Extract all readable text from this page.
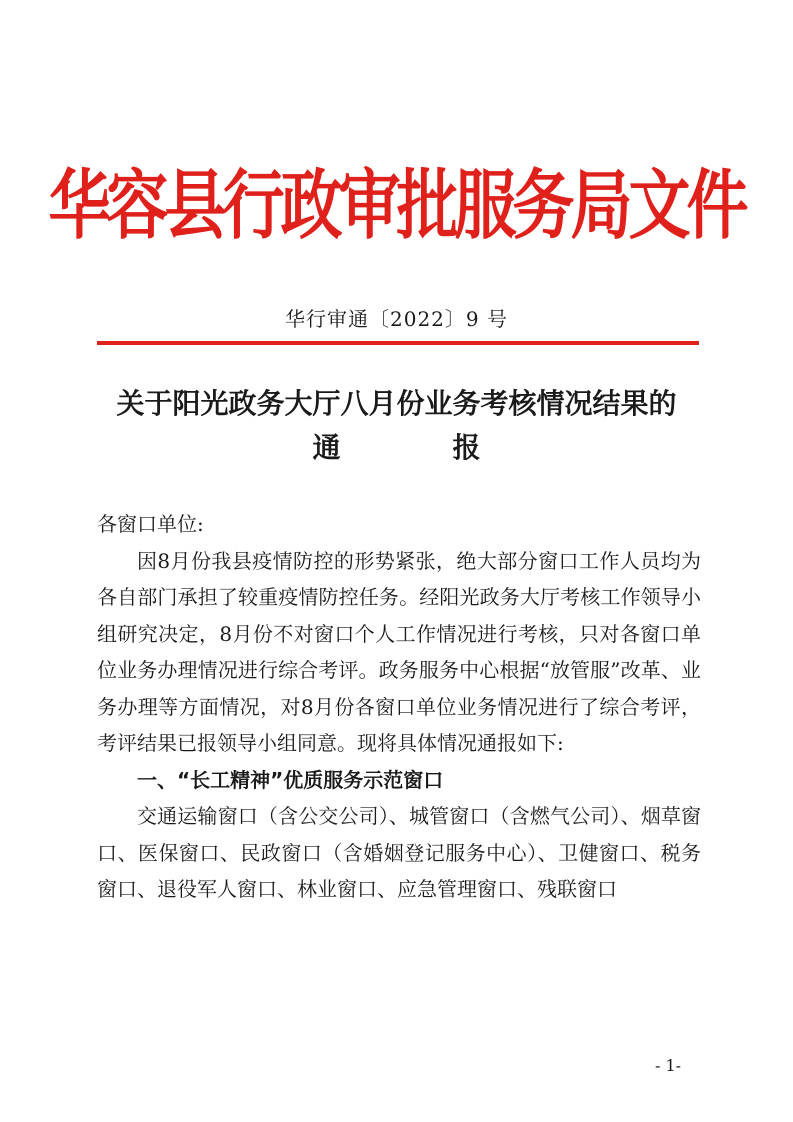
华容县行政审批服务局文件
华行审通〔2022〕9 号
关于阳光政务大厅八月份业务考核情况结果的
通	报

各窗口单位:

因8月份我县疫情防控的形势紧张，绝大部分窗口工作人员均为各自部门承担了较重疫情防控任务。经阳光政务大厅考核工作领导小组研究决定，8月份不对窗口个人工作情况进行考核，只对各窗口单位业务办理情况进行综合考评。政务服务中心根据“放管服”改革、业务办理等方面情况，对8月份各窗口单位业务情况进行了综合考评，考评结果已报领导小组同意。现将具体情况通报如下:

一、“长工精神”优质服务示范窗口

交通运输窗口（含公交公司）、城管窗口（含燃气公司）、烟草窗口、医保窗口、民政窗口（含婚姻登记服务中心）、卫健窗口、税务窗口、退役军人窗口、林业窗口、应急管理窗口、残联窗口

- 1-
